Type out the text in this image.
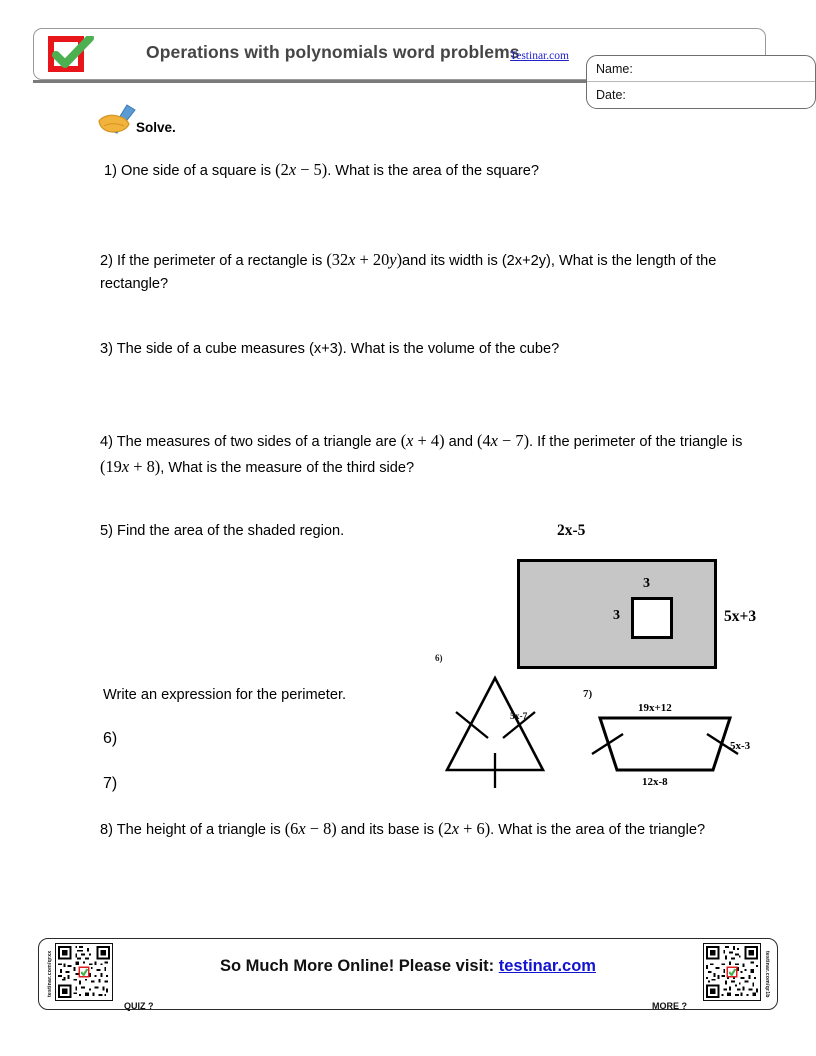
Operations with polynomials word problems
Testinar.com
Name:
Date:
Solve.
1) One side of a square is (2x − 5). What is the area of the square?
2) If the perimeter of a rectangle is (32x + 20y)and its width is (2x+2y), What is the length of the rectangle?
3) The side of a cube measures (x+3). What is the volume of the cube?
4) The measures of two sides of a triangle are (x + 4) and (4x − 7). If the perimeter of the triangle is (19x + 8), What is the measure of the third side?
5) Find the area of the shaded region.	2x-5
3
3	5x+3
Write an expression for the perimeter.
6)
7)
6)
5x-7
7)
19x+12
12x-8
5x-3
8) The height of a triangle is (6x − 8) and its base is (2x + 6). What is the area of the triangle?
testinar.com/qrxx
QUIZ ?
So Much More Online! Please visit: testinar.com	testinar.com/qr1b
MORE ?
